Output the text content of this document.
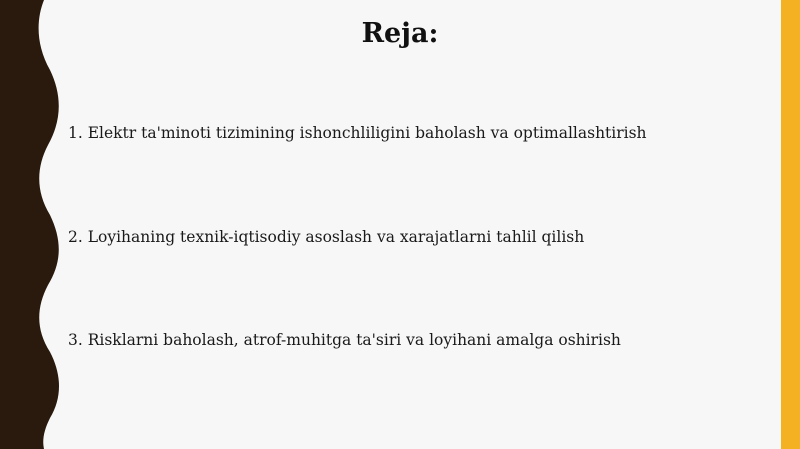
Reja:
1. Elektr ta'minoti tizimining ishonchliligini baholash va optimallashtirish
2. Loyihaning texnik-iqtisodiy asoslash va xarajatlarni tahlil qilish
3. Risklarni baholash, atrof-muhitga ta'siri va loyihani amalga oshirish
